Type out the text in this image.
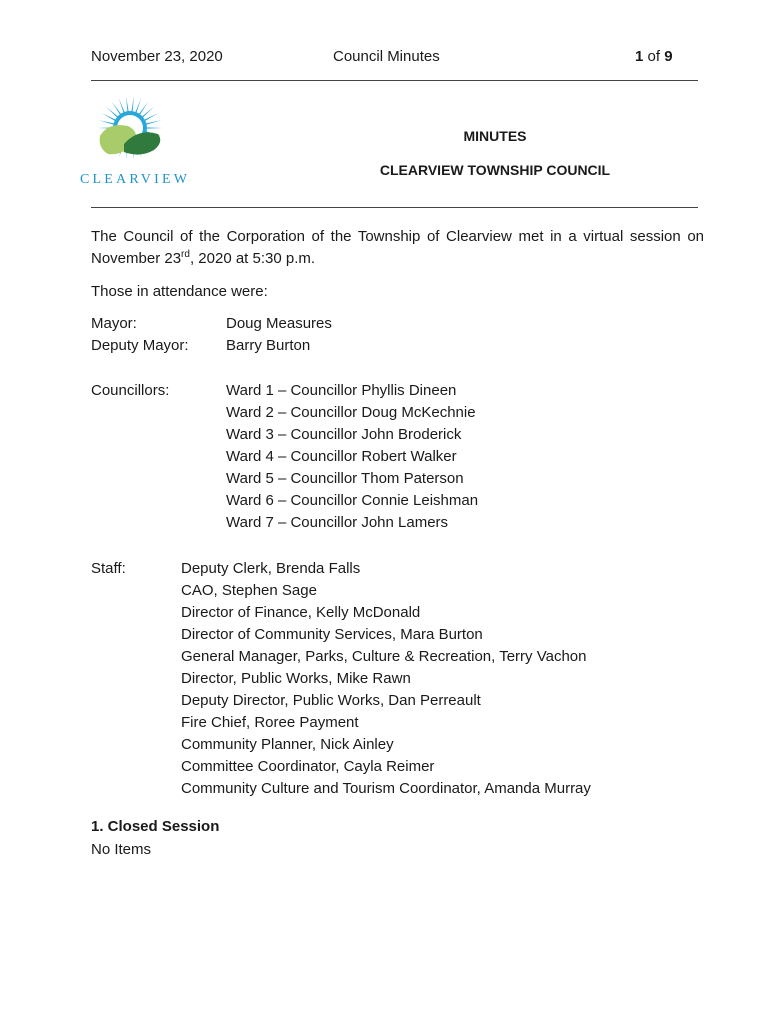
November 23, 2020	Council Minutes	1 of 9
CLEARVIEW
MINUTES
CLEARVIEW TOWNSHIP COUNCIL
The Council of the Corporation of the Township of Clearview met in a virtual session on November 23rd, 2020 at 5:30 p.m.
Those in attendance were:
Mayor:	Doug Measures
Deputy Mayor: Barry Burton
Councillors:	Ward 1 – Councillor Phyllis Dineen
Ward 2 – Councillor Doug McKechnie
Ward 3 – Councillor John Broderick
Ward 4 – Councillor Robert Walker
Ward 5 – Councillor Thom Paterson
Ward 6 – Councillor Connie Leishman
Ward 7 – Councillor John Lamers
Staff:	Deputy Clerk, Brenda Falls
CAO, Stephen Sage
Director of Finance, Kelly McDonald
Director of Community Services, Mara Burton
General Manager, Parks, Culture & Recreation, Terry Vachon
Director, Public Works, Mike Rawn
Deputy Director, Public Works, Dan Perreault
Fire Chief, Roree Payment
Community Planner, Nick Ainley
Committee Coordinator, Cayla Reimer
Community Culture and Tourism Coordinator, Amanda Murray
1. Closed Session
No Items
